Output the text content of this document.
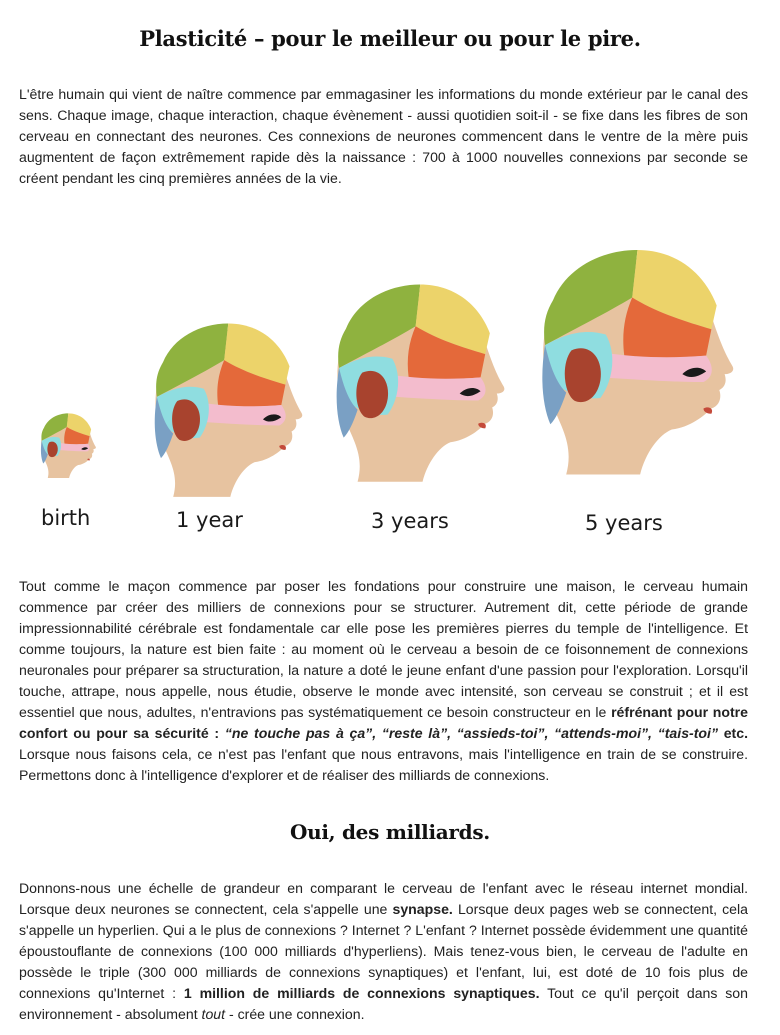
Plasticité – pour le meilleur ou pour le pire.

L'être humain qui vient de naître commence par emmagasiner les informations du monde extérieur par le canal des sens. Chaque image, chaque interaction, chaque évènement - aussi quotidien soit-il - se fixe dans les fibres de son cerveau en connectant des neurones. Ces connexions de neurones commencent dans le ventre de la mère puis augmentent de façon extrêmement rapide dès la naissance : 700 à 1000 nouvelles connexions par seconde se créent pendant les cinq premières années de la vie.

birth	1 year	3 years	5 years

Tout comme le maçon commence par poser les fondations pour construire une maison, le cerveau humain commence par créer des milliers de connexions pour se structurer. Autrement dit, cette période de grande impressionnabilité cérébrale est fondamentale car elle pose les premières pierres du temple de l'intelligence. Et comme toujours, la nature est bien faite : au moment où le cerveau a besoin de ce foisonnement de connexions neuronales pour préparer sa structuration, la nature a doté le jeune enfant d'une passion pour l'exploration. Lorsqu'il touche, attrape, nous appelle, nous étudie, observe le monde avec intensité, son cerveau se construit ; et il est essentiel que nous, adultes, n'entravions pas systématiquement ce besoin constructeur en le réfrénant pour notre confort ou pour sa sécurité : “ne touche pas à ça”, “reste là”, “assieds-toi”, “attends-moi”, “tais-toi” etc. Lorsque nous faisons cela, ce n'est pas l'enfant que nous entravons, mais l'intelligence en train de se construire. Permettons donc à l'intelligence d'explorer et de réaliser des milliards de connexions.

Oui, des milliards.

Donnons-nous une échelle de grandeur en comparant le cerveau de l'enfant avec le réseau internet mondial. Lorsque deux neurones se connectent, cela s'appelle une synapse. Lorsque deux pages web se connectent, cela s'appelle un hyperlien. Qui a le plus de connexions ? Internet ? L'enfant ? Internet possède évidemment une quantité époustouflante de connexions (100 000 milliards d'hyperliens). Mais tenez-vous bien, le cerveau de l'adulte en possède le triple (300 000 milliards de connexions synaptiques) et l'enfant, lui, est doté de 10 fois plus de connexions qu'Internet : 1 million de milliards de connexions synaptiques. Tout ce qu'il perçoit dans son environnement - absolument tout - crée une connexion.
